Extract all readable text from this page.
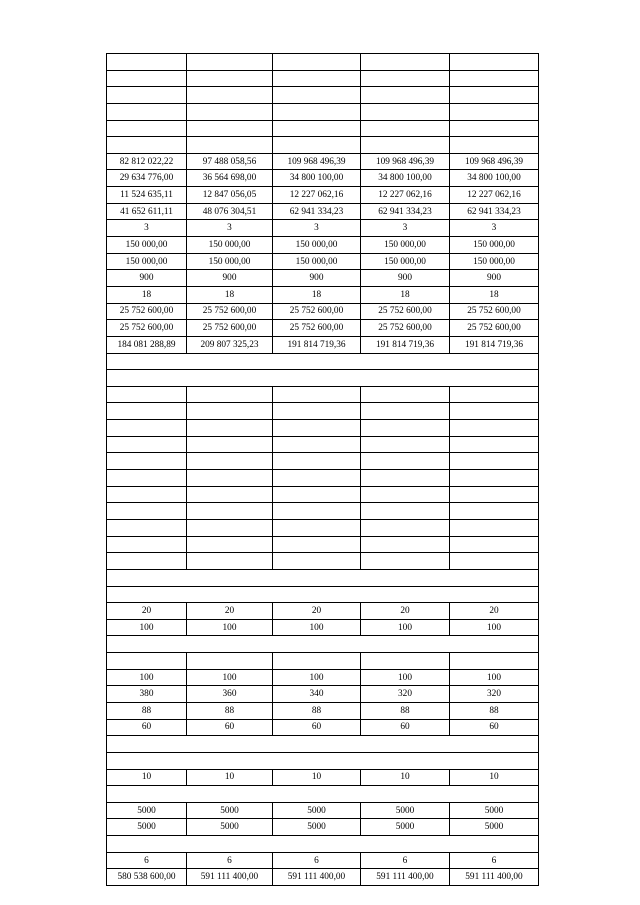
82 812 022,22	97 488 058,56	109 968 496,39	109 968 496,39	109 968 496,39
29 634 776,00	36 564 698,00	34 800 100,00	34 800 100,00	34 800 100,00
11 524 635,11	12 847 056,05	12 227 062,16	12 227 062,16	12 227 062,16
41 652 611,11	48 076 304,51	62 941 334,23	62 941 334,23	62 941 334,23
3	3	3	3	3
150 000,00	150 000,00	150 000,00	150 000,00	150 000,00
150 000,00	150 000,00	150 000,00	150 000,00	150 000,00
900	900	900	900	900
18	18	18	18	18
25 752 600,00	25 752 600,00	25 752 600,00	25 752 600,00	25 752 600,00
25 752 600,00	25 752 600,00	25 752 600,00	25 752 600,00	25 752 600,00
184 081 288,89	209 807 325,23	191 814 719,36	191 814 719,36	191 814 719,36

20	20	20	20	20
100	100	100	100	100

100	100	100	100	100
380	360	340	320	320
88	88	88	88	88
60	60	60	60	60

10	10	10	10	10

5000	5000	5000	5000	5000
5000	5000	5000	5000	5000

6	6	6	6	6
580 538 600,00	591 111 400,00	591 111 400,00	591 111 400,00	591 111 400,00
